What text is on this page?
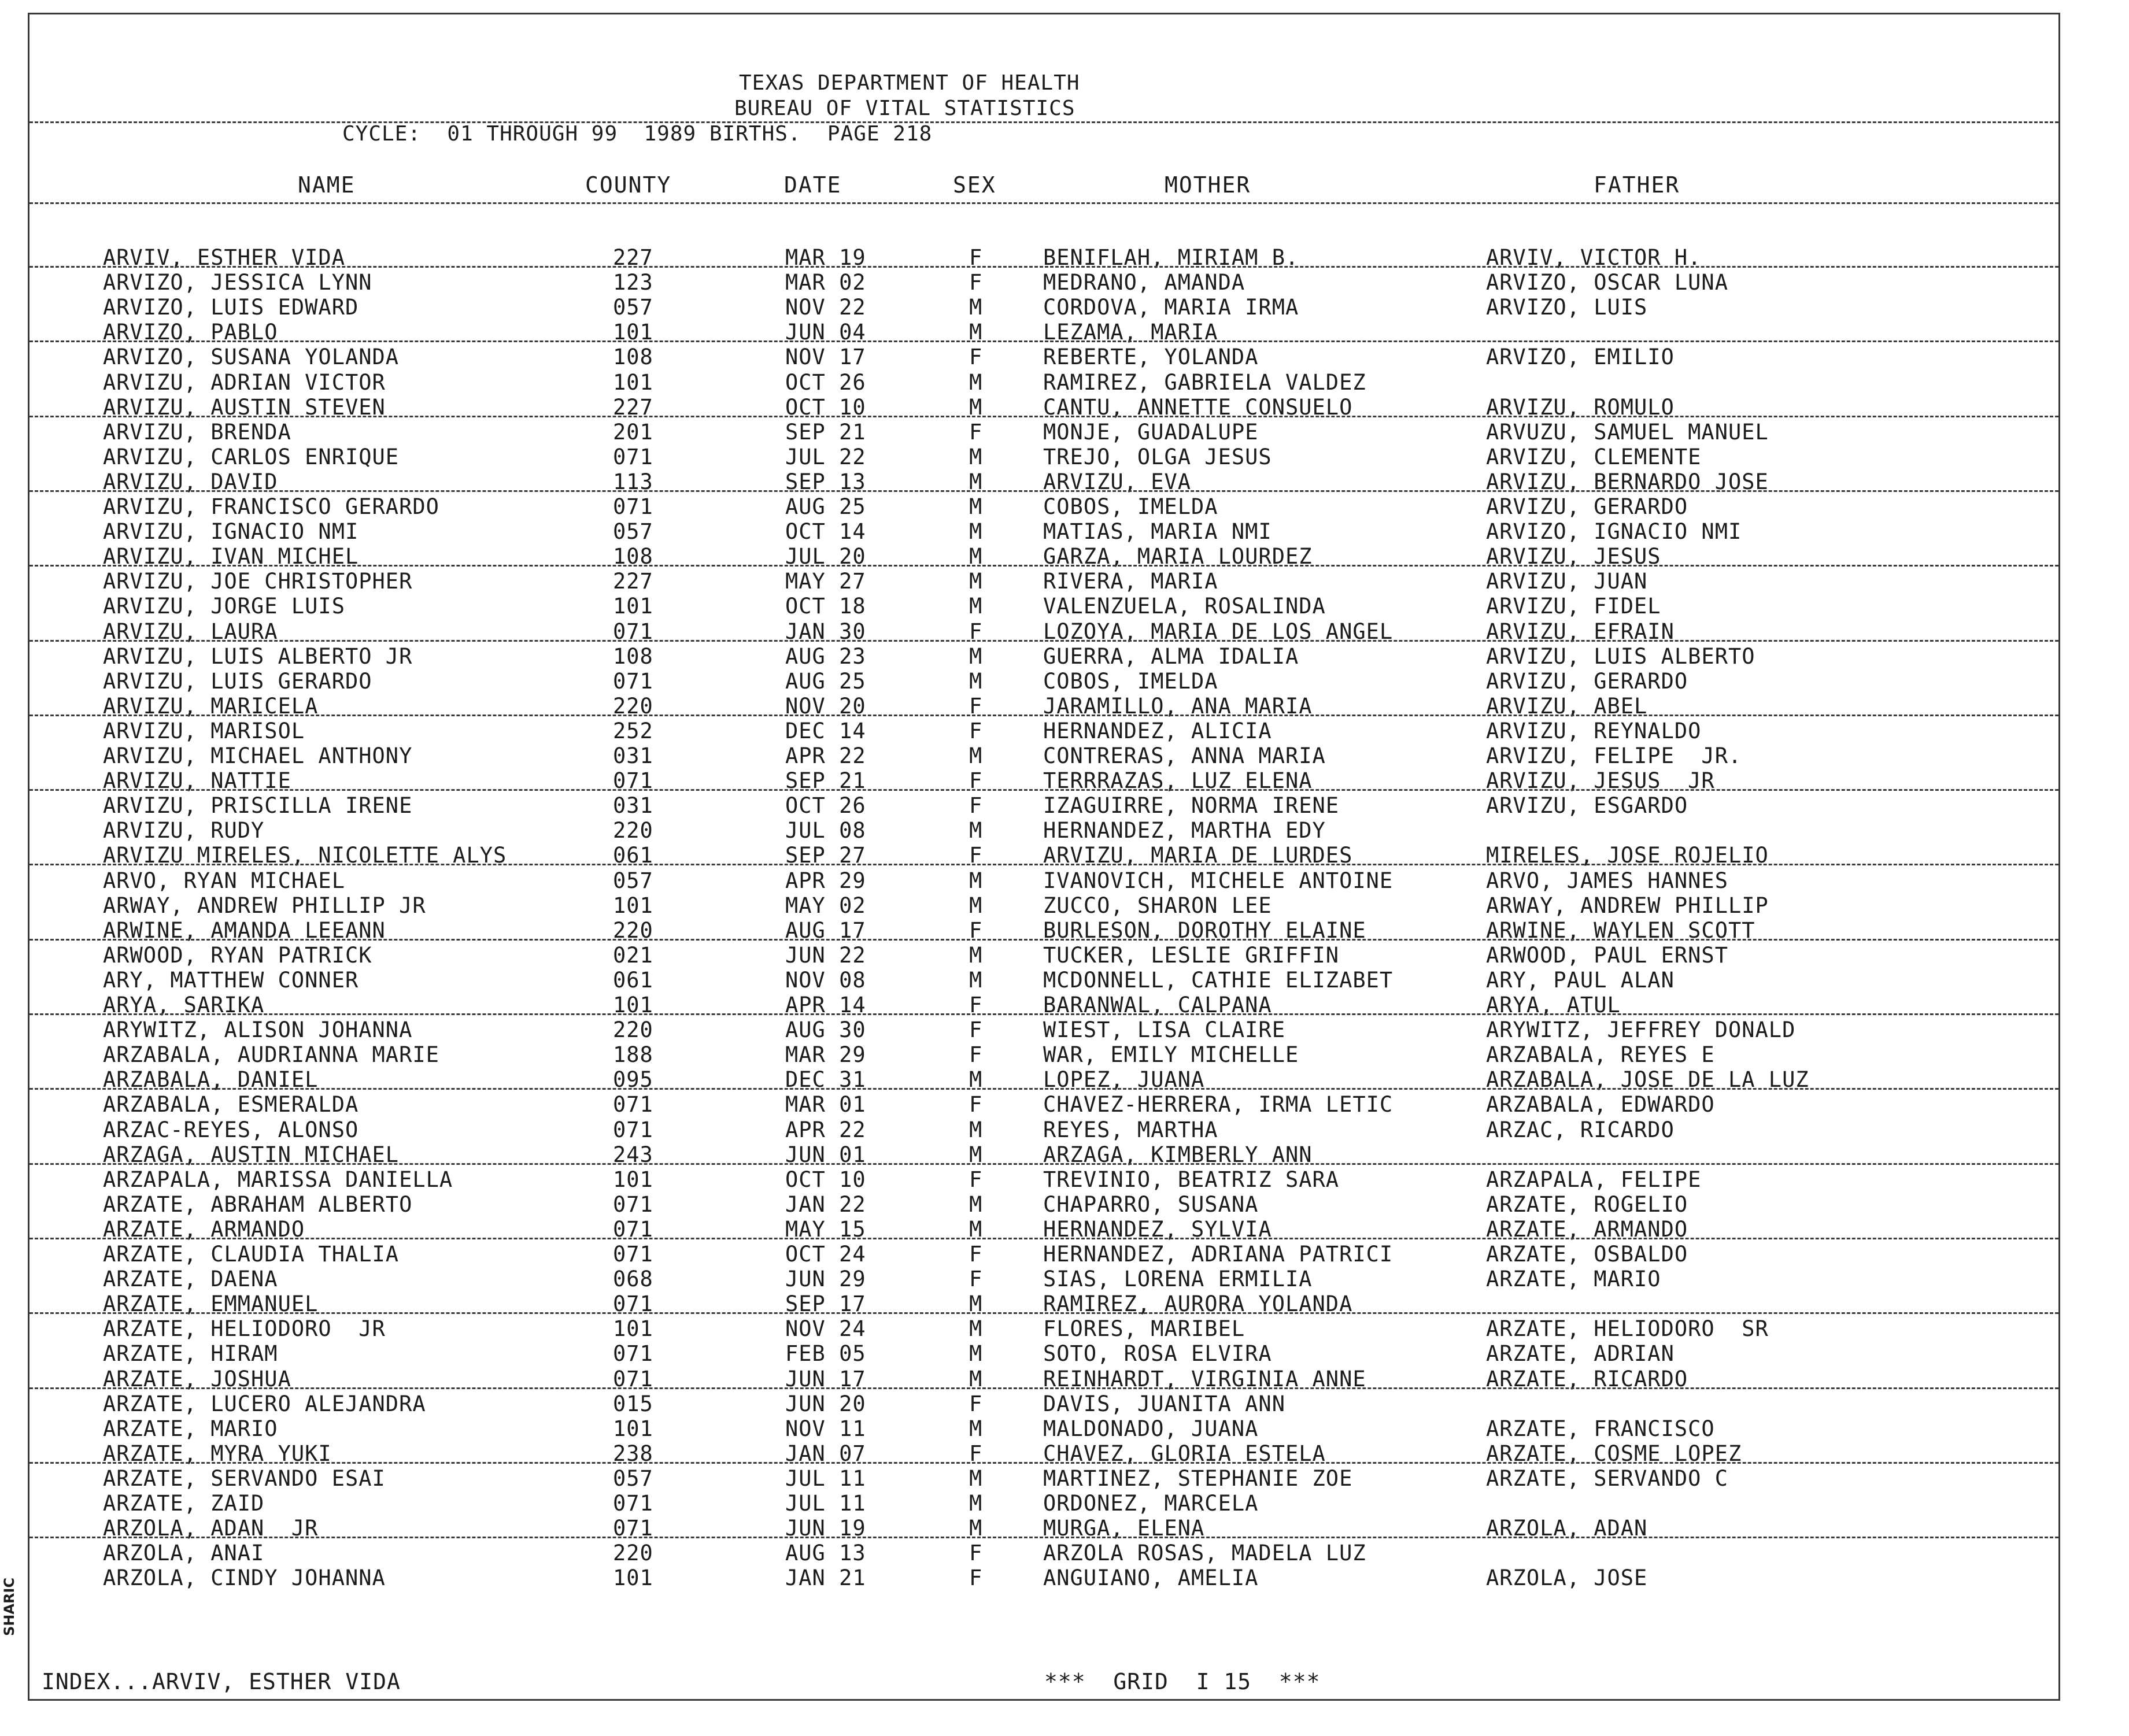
TEXAS DEPARTMENT OF HEALTH
BUREAU OF VITAL STATISTICS
CYCLE:  01 THROUGH 99  1989 BIRTHS.  PAGE 218
NAME	COUNTY	DATE	SEX	MOTHER	FATHER
ARVIV, ESTHER VIDA	227	MAR 19	F	BENIFLAH, MIRIAM B.	ARVIV, VICTOR H.
ARVIZO, JESSICA LYNN	123	MAR 02	F	MEDRANO, AMANDA	ARVIZO, OSCAR LUNA
ARVIZO, LUIS EDWARD	057	NOV 22	M	CORDOVA, MARIA IRMA	ARVIZO, LUIS
ARVIZO, PABLO	101	JUN 04	M	LEZAMA, MARIA
ARVIZO, SUSANA YOLANDA	108	NOV 17	F	REBERTE, YOLANDA	ARVIZO, EMILIO
ARVIZU, ADRIAN VICTOR	101	OCT 26	M	RAMIREZ, GABRIELA VALDEZ
ARVIZU, AUSTIN STEVEN	227	OCT 10	M	CANTU, ANNETTE CONSUELO	ARVIZU, ROMULO
ARVIZU, BRENDA	201	SEP 21	F	MONJE, GUADALUPE	ARVUZU, SAMUEL MANUEL
ARVIZU, CARLOS ENRIQUE	071	JUL 22	M	TREJO, OLGA JESUS	ARVIZU, CLEMENTE
ARVIZU, DAVID	113	SEP 13	M	ARVIZU, EVA	ARVIZU, BERNARDO JOSE
ARVIZU, FRANCISCO GERARDO	071	AUG 25	M	COBOS, IMELDA	ARVIZU, GERARDO
ARVIZU, IGNACIO NMI	057	OCT 14	M	MATIAS, MARIA NMI	ARVIZO, IGNACIO NMI
ARVIZU, IVAN MICHEL	108	JUL 20	M	GARZA, MARIA LOURDEZ	ARVIZU, JESUS
ARVIZU, JOE CHRISTOPHER	227	MAY 27	M	RIVERA, MARIA	ARVIZU, JUAN
ARVIZU, JORGE LUIS	101	OCT 18	M	VALENZUELA, ROSALINDA	ARVIZU, FIDEL
ARVIZU, LAURA	071	JAN 30	F	LOZOYA, MARIA DE LOS ANGEL	ARVIZU, EFRAIN
ARVIZU, LUIS ALBERTO JR	108	AUG 23	M	GUERRA, ALMA IDALIA	ARVIZU, LUIS ALBERTO
ARVIZU, LUIS GERARDO	071	AUG 25	M	COBOS, IMELDA	ARVIZU, GERARDO
ARVIZU, MARICELA	220	NOV 20	F	JARAMILLO, ANA MARIA	ARVIZU, ABEL
ARVIZU, MARISOL	252	DEC 14	F	HERNANDEZ, ALICIA	ARVIZU, REYNALDO
ARVIZU, MICHAEL ANTHONY	031	APR 22	M	CONTRERAS, ANNA MARIA	ARVIZU, FELIPE  JR.
ARVIZU, NATTIE	071	SEP 21	F	TERRRAZAS, LUZ ELENA	ARVIZU, JESUS  JR
ARVIZU, PRISCILLA IRENE	031	OCT 26	F	IZAGUIRRE, NORMA IRENE	ARVIZU, ESGARDO
ARVIZU, RUDY	220	JUL 08	M	HERNANDEZ, MARTHA EDY
ARVIZU MIRELES, NICOLETTE ALYS	061	SEP 27	F	ARVIZU, MARIA DE LURDES	MIRELES, JOSE ROJELIO
ARVO, RYAN MICHAEL	057	APR 29	M	IVANOVICH, MICHELE ANTOINE	ARVO, JAMES HANNES
ARWAY, ANDREW PHILLIP JR	101	MAY 02	M	ZUCCO, SHARON LEE	ARWAY, ANDREW PHILLIP
ARWINE, AMANDA LEEANN	220	AUG 17	F	BURLESON, DOROTHY ELAINE	ARWINE, WAYLEN SCOTT
ARWOOD, RYAN PATRICK	021	JUN 22	M	TUCKER, LESLIE GRIFFIN	ARWOOD, PAUL ERNST
ARY, MATTHEW CONNER	061	NOV 08	M	MCDONNELL, CATHIE ELIZABET	ARY, PAUL ALAN
ARYA, SARIKA	101	APR 14	F	BARANWAL, CALPANA	ARYA, ATUL
ARYWITZ, ALISON JOHANNA	220	AUG 30	F	WIEST, LISA CLAIRE	ARYWITZ, JEFFREY DONALD
ARZABALA, AUDRIANNA MARIE	188	MAR 29	F	WAR, EMILY MICHELLE	ARZABALA, REYES E
ARZABALA, DANIEL	095	DEC 31	M	LOPEZ, JUANA	ARZABALA, JOSE DE LA LUZ
ARZABALA, ESMERALDA	071	MAR 01	F	CHAVEZ-HERRERA, IRMA LETIC	ARZABALA, EDWARDO
ARZAC-REYES, ALONSO	071	APR 22	M	REYES, MARTHA	ARZAC, RICARDO
ARZAGA, AUSTIN MICHAEL	243	JUN 01	M	ARZAGA, KIMBERLY ANN
ARZAPALA, MARISSA DANIELLA	101	OCT 10	F	TREVINIO, BEATRIZ SARA	ARZAPALA, FELIPE
ARZATE, ABRAHAM ALBERTO	071	JAN 22	M	CHAPARRO, SUSANA	ARZATE, ROGELIO
ARZATE, ARMANDO	071	MAY 15	M	HERNANDEZ, SYLVIA	ARZATE, ARMANDO
ARZATE, CLAUDIA THALIA	071	OCT 24	F	HERNANDEZ, ADRIANA PATRICI	ARZATE, OSBALDO
ARZATE, DAENA	068	JUN 29	F	SIAS, LORENA ERMILIA	ARZATE, MARIO
ARZATE, EMMANUEL	071	SEP 17	M	RAMIREZ, AURORA YOLANDA
ARZATE, HELIODORO  JR	101	NOV 24	M	FLORES, MARIBEL	ARZATE, HELIODORO  SR
ARZATE, HIRAM	071	FEB 05	M	SOTO, ROSA ELVIRA	ARZATE, ADRIAN
ARZATE, JOSHUA	071	JUN 17	M	REINHARDT, VIRGINIA ANNE	ARZATE, RICARDO
ARZATE, LUCERO ALEJANDRA	015	JUN 20	F	DAVIS, JUANITA ANN
ARZATE, MARIO	101	NOV 11	M	MALDONADO, JUANA	ARZATE, FRANCISCO
ARZATE, MYRA YUKI	238	JAN 07	F	CHAVEZ, GLORIA ESTELA	ARZATE, COSME LOPEZ
ARZATE, SERVANDO ESAI	057	JUL 11	M	MARTINEZ, STEPHANIE ZOE	ARZATE, SERVANDO C
ARZATE, ZAID	071	JUL 11	M	ORDONEZ, MARCELA
ARZOLA, ADAN  JR	071	JUN 19	M	MURGA, ELENA	ARZOLA, ADAN
ARZOLA, ANAI	220	AUG 13	F	ARZOLA ROSAS, MADELA LUZ
ARZOLA, CINDY JOHANNA	101	JAN 21	F	ANGUIANO, AMELIA	ARZOLA, JOSE
INDEX...ARVIV, ESTHER VIDA	***  GRID  I 15  ***
SHARIC
